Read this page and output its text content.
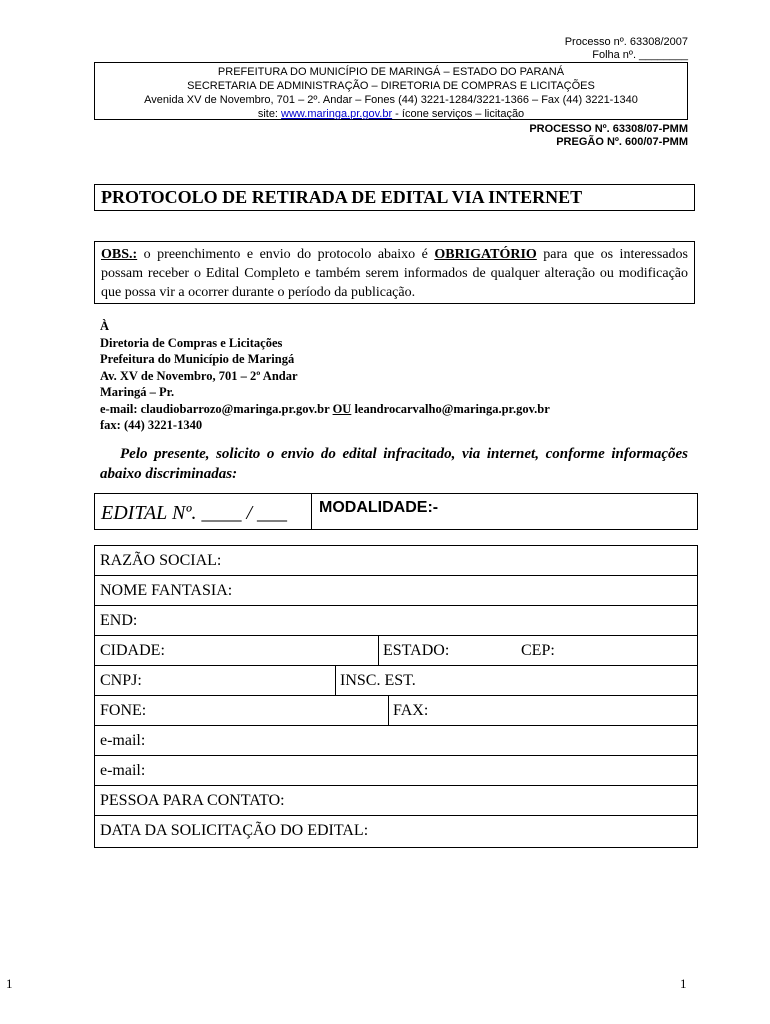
Processo nº. 63308/2007
Folha nº. ________
PREFEITURA DO MUNICÍPIO DE MARINGÁ – ESTADO DO PARANÁ
SECRETARIA DE ADMINISTRAÇÃO – DIRETORIA DE COMPRAS E LICITAÇÕES
Avenida XV de Novembro, 701 – 2º. Andar – Fones (44) 3221-1284/3221-1366 – Fax (44) 3221-1340
site: www.maringa.pr.gov.br - ícone serviços – licitação
PROCESSO Nº. 63308/07-PMM
PREGÃO Nº. 600/07-PMM
PROTOCOLO DE RETIRADA DE EDITAL VIA INTERNET
OBS.: o preenchimento e envio do protocolo abaixo é OBRIGATÓRIO para que os interessados possam receber o Edital Completo e também serem informados de qualquer alteração ou modificação que possa vir a ocorrer durante o período da publicação.
À
Diretoria de Compras e Licitações
Prefeitura do Município de Maringá
Av. XV de Novembro, 701 – 2º Andar
Maringá – Pr.
e-mail: claudiobarrozo@maringa.pr.gov.br OU leandrocarvalho@maringa.pr.gov.br
fax: (44) 3221-1340
Pelo presente, solicito o envio do edital infracitado, via internet, conforme informações abaixo discriminadas:
EDITAL Nº. ____ / ___	MODALIDADE:-
RAZÃO SOCIAL:
NOME FANTASIA:
END:
CIDADE:	ESTADO:	CEP:
CNPJ:	INSC. EST.
FONE:	FAX:
e-mail:
e-mail:
PESSOA PARA CONTATO:
DATA DA SOLICITAÇÃO DO EDITAL:
1	1
